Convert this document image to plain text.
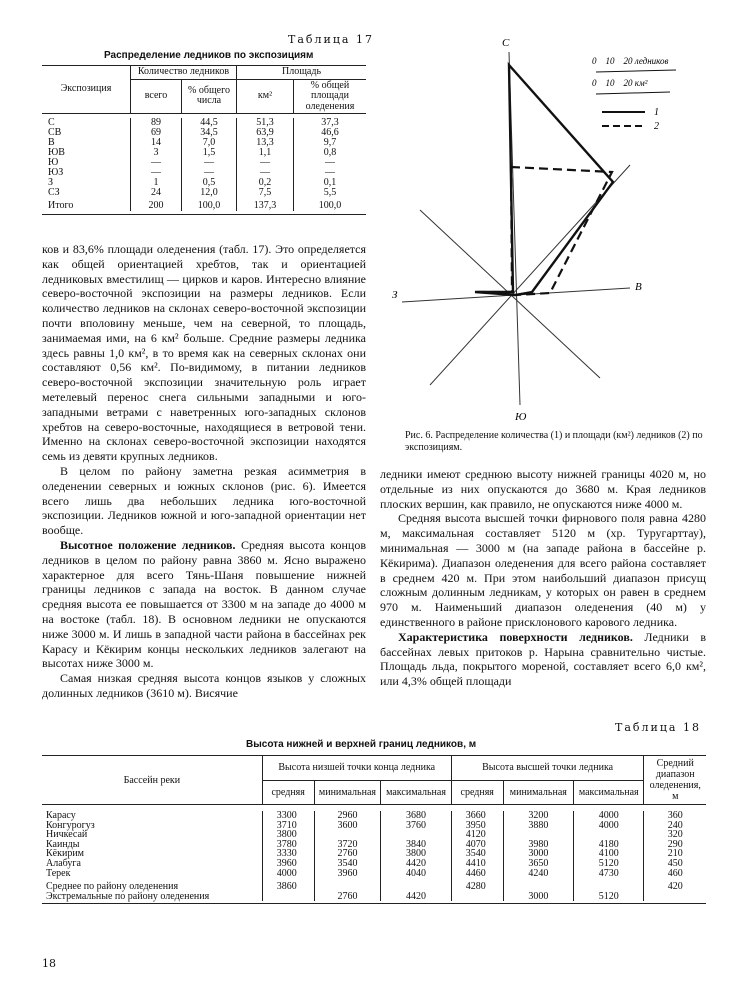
Таблица 17
Распределение ледников по экспозициям
Экспозиция	Количество ледников		Площадь	
	всего	% общего числа	км²	% общей площади оледенения

С	89	44,5	51,3	37,3
СВ	69	34,5	63,9	46,6
В	14	7,0	13,3	9,7
ЮВ	3	1,5	1,1	0,8
Ю	—	—	—	—
ЮЗ	—	—	—	—
З	1	0,5	0,2	0,1
СЗ	24	12,0	7,5	5,5
Итого	200	100,0	137,3	100,0
С
В
Ю
З
0    10    20 ледников
0    10    20 км²
1
2
Рис. 6. Распределение количества (1) и площади (км²) ледников (2) по экспозициям.

ков и 83,6% площади оледенения (табл. 17). Это определяется как общей ориентацией хребтов, так и ориентацией ледниковых вместилищ — цирков и каров. Интересно влияние северо-восточной экспозиции на размеры ледников. Если количество ледников на склонах северо-восточной экспозиции почти вполовину меньше, чем на северной, то площадь, занимаемая ими, на 6 км² больше. Средние размеры ледника здесь равны 1,0 км², в то время как на северных склонах они составляют 0,56 км². По-видимому, в питании ледников северо-восточной экспозиции значительную роль играет метелевый перенос снега сильными западными и юго-западными ветрами с наветренных юго-западных склонов хребтов на северо-восточные, находящиеся в ветровой тени. Именно на склонах северо-восточной экспозиции находятся семь из девяти крупных ледников.

В целом по району заметна резкая асимметрия в оледенении северных и южных склонов (рис. 6). Имеется всего лишь два небольших ледника юго-восточной экспозиции. Ледников южной и юго-западной ориентации нет вообще.

Высотное положение ледников. Средняя высота концов ледников в целом по району равна 3860 м. Ясно выражено характерное для всего Тянь-Шаня повышение нижней границы ледников с запада на восток. В данном случае средняя высота ее повышается от 3300 м на западе до 4000 м на востоке (табл. 18). В основном ледники не опускаются ниже 3000 м. И лишь в западной части района в бассейнах рек Карасу и Кёкирим концы нескольких ледников залегают на высотах ниже 3000 м.

Самая низкая средняя высота концов языков у сложных долинных ледников (3610 м). Висячие

ледники имеют среднюю высоту нижней границы 4020 м, но отдельные из них опускаются до 3680 м. Края ледников плоских вершин, как правило, не опускаются ниже 4000 м.

Средняя высота высшей точки фирнового поля равна 4280 м, максимальная составляет 5120 м (хр. Туругарттау), минимальная — 3000 м (на западе района в бассейне р. Кёкирима). Диапазон оледенения для всего района составляет в среднем 420 м. При этом наибольший диапазон присущ сложным долинным ледникам, у которых он равен в среднем 970 м. Наименьший диапазон оледенения (40 м) у единственного в районе присклонового карового ледника.

Характеристика поверхности ледников. Ледники в бассейнах левых притоков р. Нарына сравнительно чистые. Площадь льда, покрытого мореной, составляет всего 6,0 км², или 4,3% общей площади

Таблица 18
Высота нижней и верхней границ ледников, м
Бассейн реки	Высота низшей точки конца ледника			Высота высшей точки ледника			Средний диапазон оледенения, м
	средняя	минимальная	максимальная	средняя	минимальная	максимальная	

Карасу	3300	2960	3680	3660	3200	4000	360
Конгурогуз	3710	3600	3760	3950	3880	4000	240
Ничкесай	3800			4120			320
Каинды	3780	3720	3840	4070	3980	4180	290
Кёкирим	3330	2760	3800	3540	3000	4100	210
Алабуга	3960	3540	4420	4410	3650	5120	450
Терек	4000	3960	4040	4460	4240	4730	460
Среднее по району оледенения	3860			4280			420
Экстремальные по району оледенения		2760	4420		3000	5120	
18
